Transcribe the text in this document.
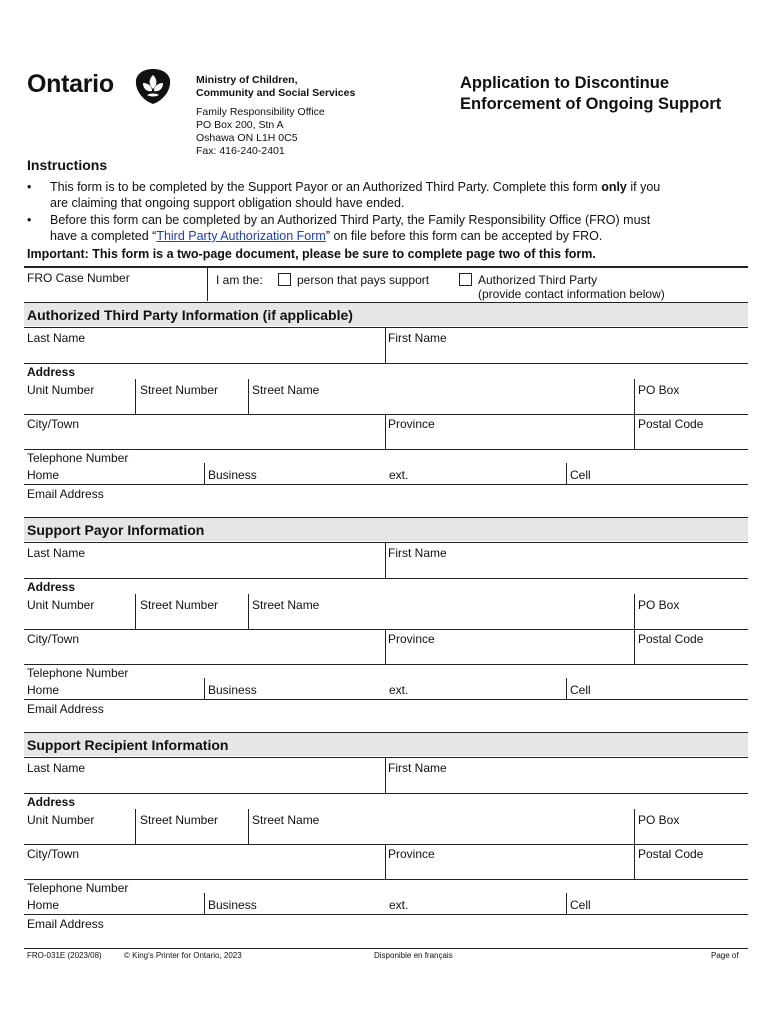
Ontario	Ministry of Children,
Community and Social Services
Family Responsibility Office
PO Box 200, Stn A
Oshawa ON L1H 0C5
Fax: 416-240-2401
Application to Discontinue
Enforcement of Ongoing Support
Instructions
• This form is to be completed by the Support Payor or an Authorized Third Party. Complete this form only if you
are claiming that ongoing support obligation should have ended.
• Before this form can be completed by an Authorized Third Party, the Family Responsibility Office (FRO) must
have a completed “Third Party Authorization Form” on file before this form can be accepted by FRO.
Important: This form is a two-page document, please be sure to complete page two of this form.
FRO Case Number	I am the:	person that pays support	Authorized Third Party
(provide contact information below)
Authorized Third Party Information (if applicable)
Last Name	First Name
Address
Unit Number	Street Number	Street Name	PO Box
City/Town	Province	Postal Code
Telephone Number
Home	Business	ext.	Cell
Email Address
Support Payor Information
Last Name	First Name
Address
Unit Number	Street Number	Street Name	PO Box
City/Town	Province	Postal Code
Telephone Number
Home	Business	ext.	Cell
Email Address
Support Recipient Information
Last Name	First Name
Address
Unit Number	Street Number	Street Name	PO Box
City/Town	Province	Postal Code
Telephone Number
Home	Business	ext.	Cell
Email Address
FRO-031E (2023/08)	© King's Printer for Ontario, 2023	Disponible en français	Page of
